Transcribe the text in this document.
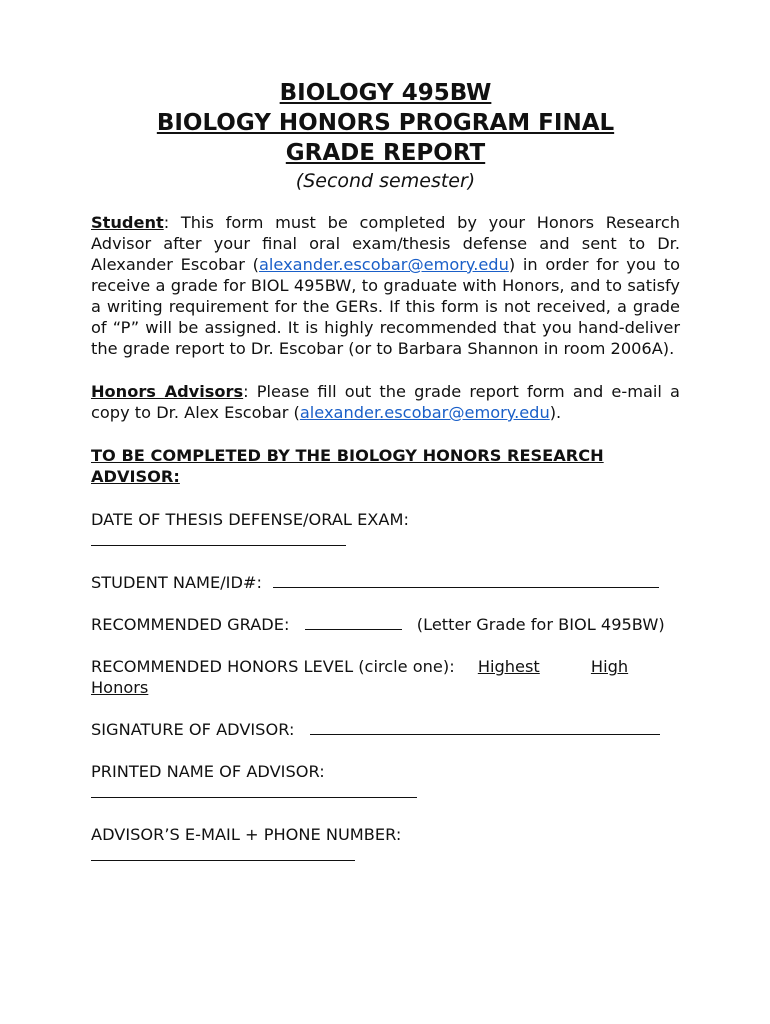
BIOLOGY 495BW

BIOLOGY HONORS PROGRAM FINAL

GRADE REPORT

(Second semester)

Student: This form must be completed by your Honors Research Advisor after your final oral exam/thesis defense and sent to Dr. Alexander Escobar (alexander.escobar@emory.edu) in order for you to receive a grade for BIOL 495BW, to graduate with Honors, and to satisfy a writing requirement for the GERs. If this form is not received, a grade of “P” will be assigned. It is highly recommended that you hand-deliver the grade report to Dr. Escobar (or to Barbara Shannon in room 2006A).

Honors Advisors: Please fill out the grade report form and e-mail a copy to Dr. Alex Escobar (alexander.escobar@emory.edu).

TO BE COMPLETED BY THE BIOLOGY HONORS RESEARCH ADVISOR:

DATE OF THESIS DEFENSE/ORAL EXAM:

STUDENT NAME/ID#:
RECOMMENDED GRADE:	(Letter Grade for BIOL 495BW)
RECOMMENDED HONORS LEVEL (circle one): Highest	High
Honors
SIGNATURE OF ADVISOR:
PRINTED NAME OF ADVISOR:

ADVISOR’S E-MAIL + PHONE NUMBER:
